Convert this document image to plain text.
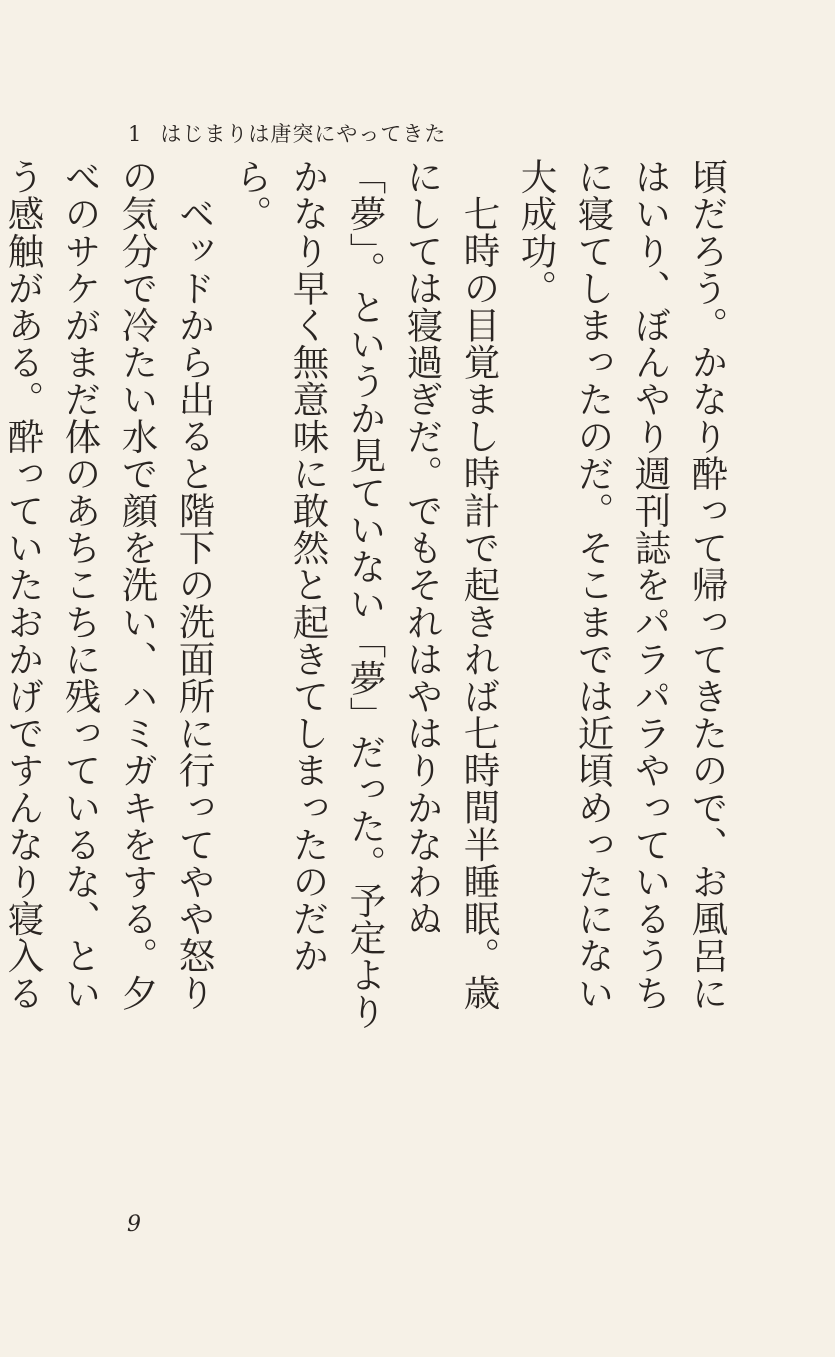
1 はじまりは唐突にやってきた

頃だろう。かなり酔って帰ってきたので、お風呂にはいり、ぼんやり週刊誌をパラパラやっているうちに寝てしまったのだ。そこまでは近頃めったにない大成功。

七時の目覚まし時計で起きれば七時間半睡眠。歳にしては寝過ぎだ。でもそれはやはりかなわぬ「夢」。というか見ていない「夢」だった。予定よりかなり早く無意味に敢然と起きてしまったのだから。

ベッドから出ると階下の洗面所に行ってやや怒りの気分で冷たい水で顔を洗い、ハミガキをする。夕べのサケがまだ体のあちこちに残っているな、という感触がある。酔っていたおかげですんなり寝入る

9
